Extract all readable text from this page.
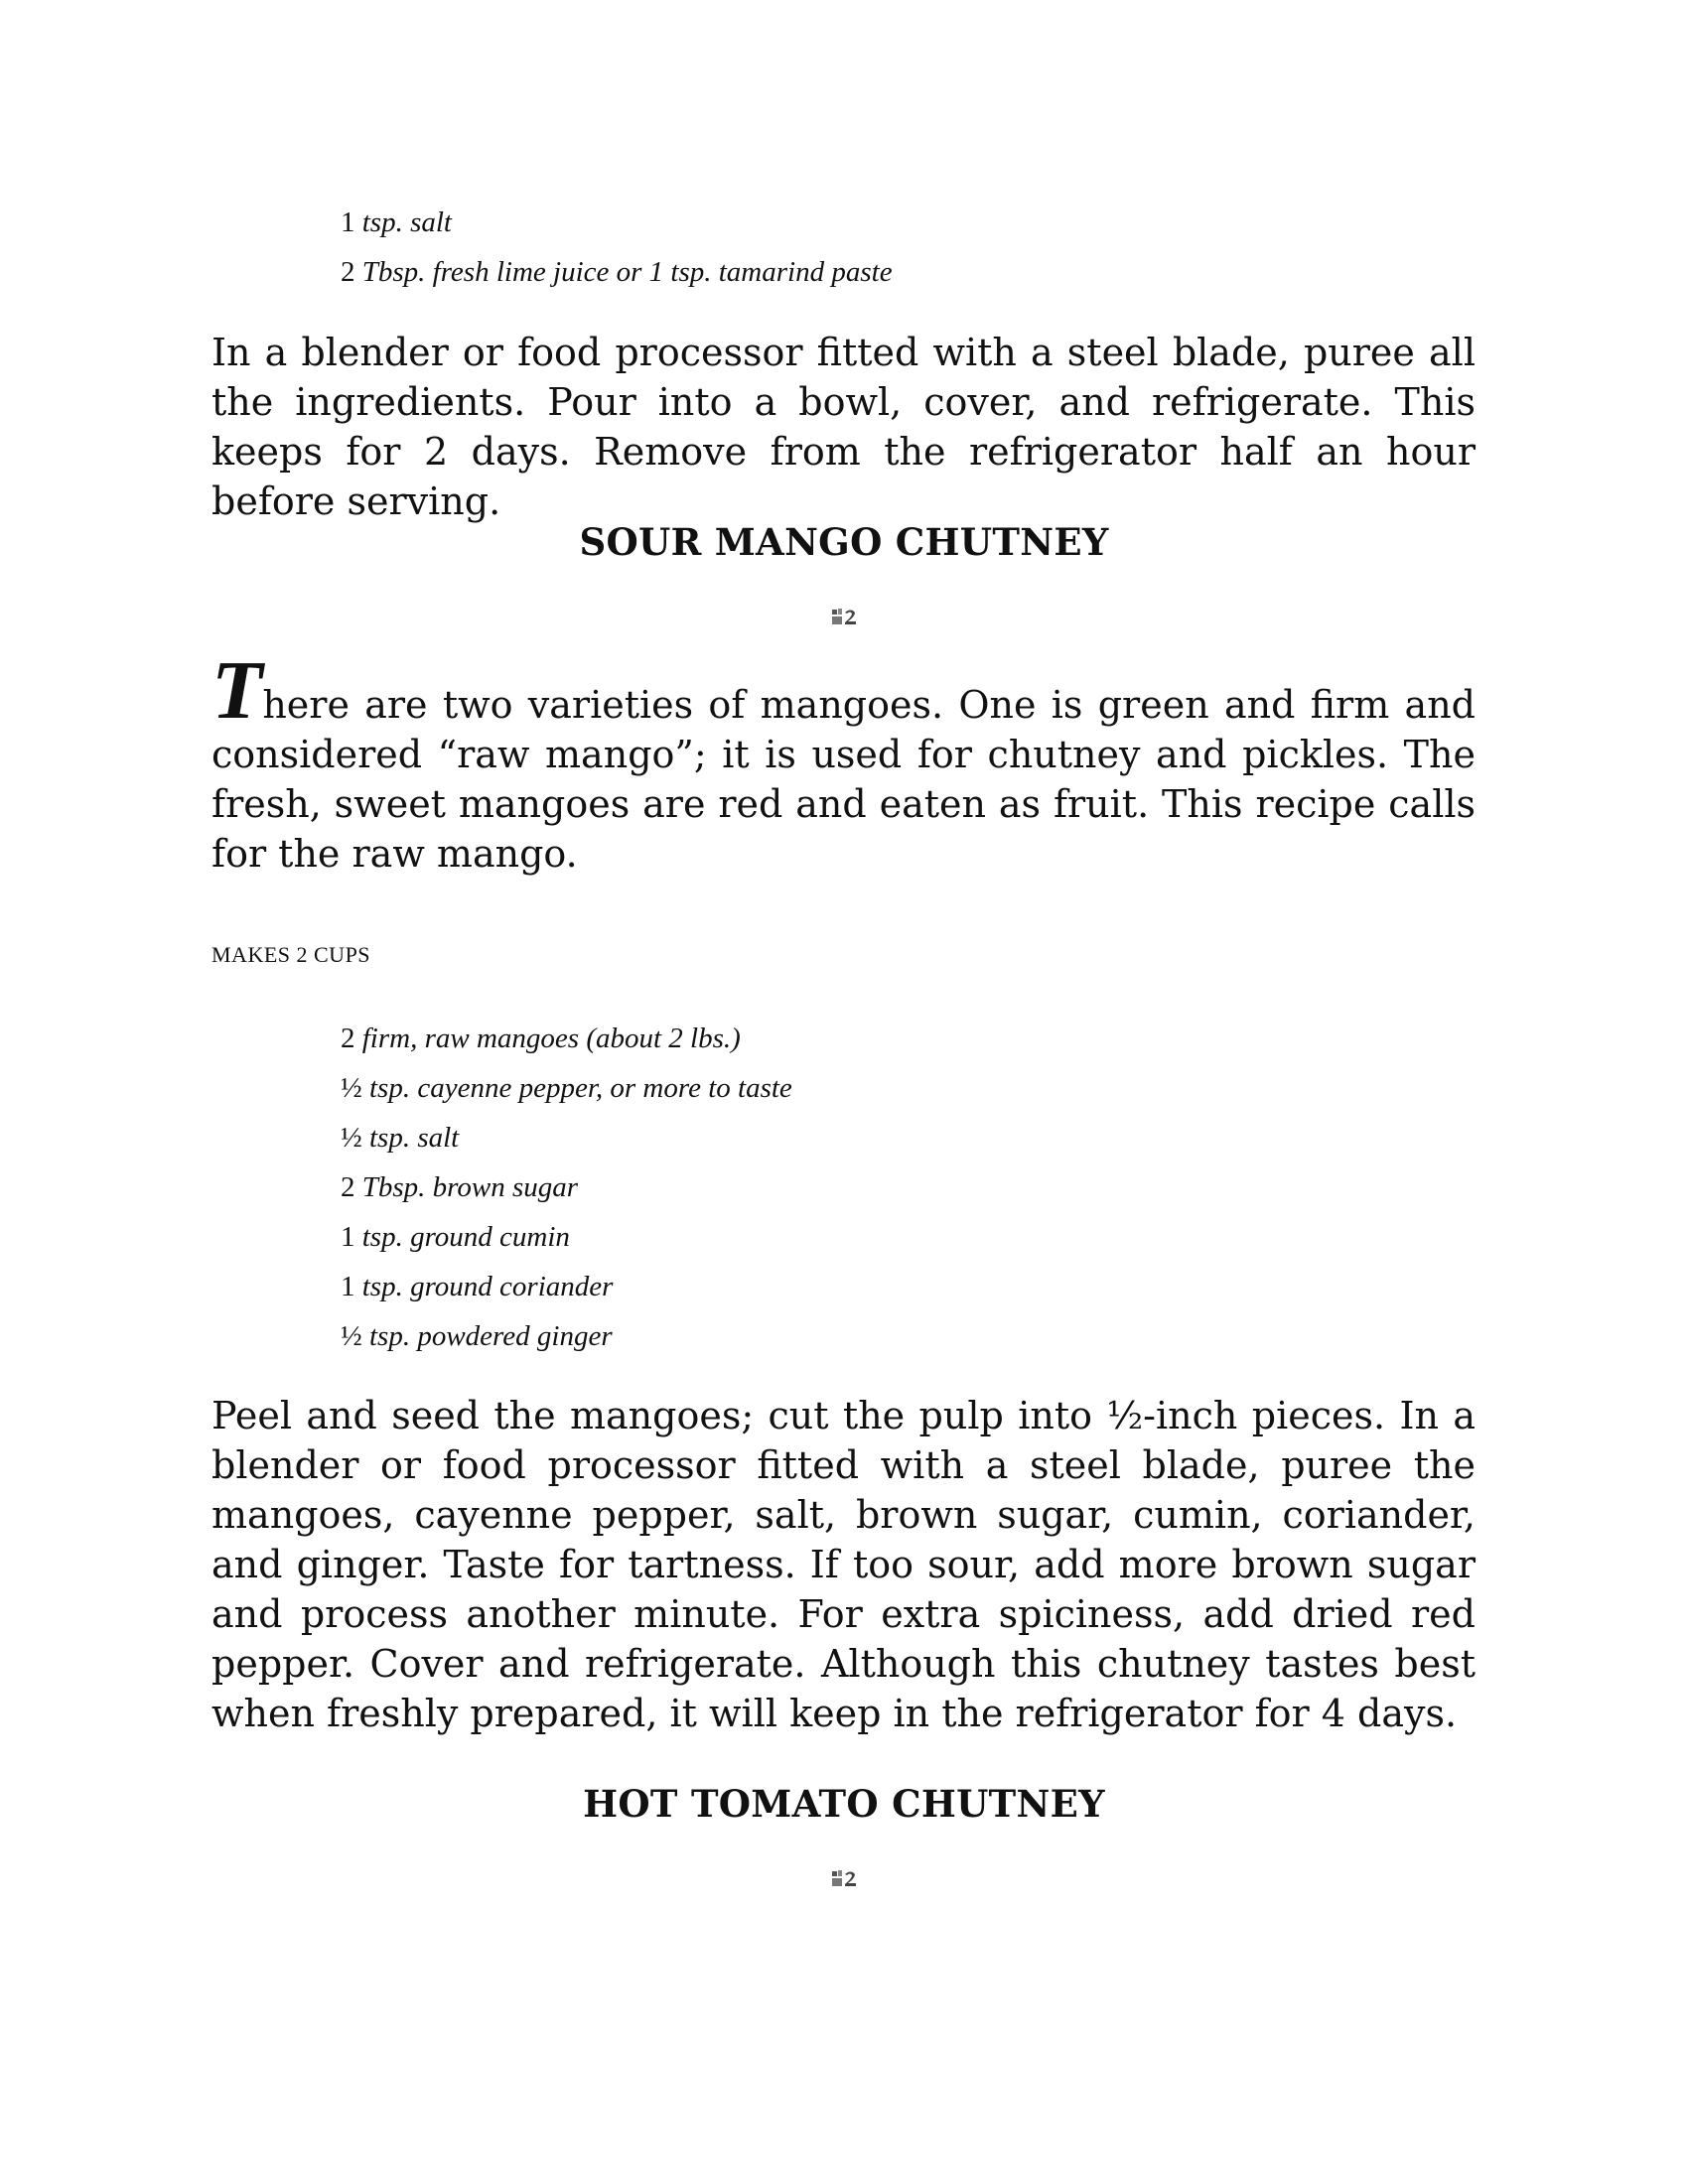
1 tsp. salt
2 Tbsp. fresh lime juice or 1 tsp. tamarind paste

In a blender or food processor fitted with a steel blade, puree all the ingredients. Pour into a bowl, cover, and refrigerate. This keeps for 2 days. Remove from the refrigerator half an hour before serving.

SOUR MANGO CHUTNEY

There are two varieties of mangoes. One is green and firm and considered “raw mango”; it is used for chutney and pickles. The fresh, sweet mangoes are red and eaten as fruit. This recipe calls for the raw mango.

MAKES 2 CUPS

2 firm, raw mangoes (about 2 lbs.)
½ tsp. cayenne pepper, or more to taste
½ tsp. salt
2 Tbsp. brown sugar
1 tsp. ground cumin
1 tsp. ground coriander
½ tsp. powdered ginger

Peel and seed the mangoes; cut the pulp into ½-inch pieces. In a blender or food processor fitted with a steel blade, puree the mangoes, cayenne pepper, salt, brown sugar, cumin, coriander, and ginger. Taste for tartness. If too sour, add more brown sugar and process another minute. For extra spiciness, add dried red pepper. Cover and refrigerate. Although this chutney tastes best when freshly prepared, it will keep in the refrigerator for 4 days.

HOT TOMATO CHUTNEY
